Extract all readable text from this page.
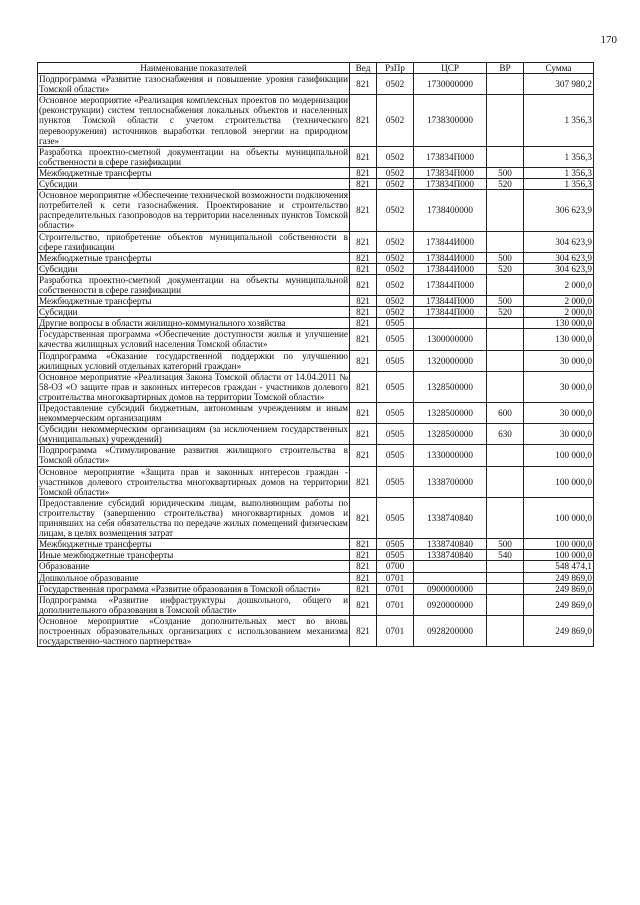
170
Наименование показателей	Вед	РзПр	ЦСР	ВР	Сумма
Подпрограмма «Развитие газоснабжения и повышение уровня газификации Томской области»	821	0502	1730000000		307 980,2
Основное мероприятие «Реализация комплексных проектов по модернизации (реконструкции) систем теплоснабжения локальных объектов и населенных пунктов Томской области с учетом строительства (технического перевооружения) источников выработки тепловой энергии на природном газе»	821	0502	1738300000		1 356,3
Разработка проектно-сметной документации на объекты муниципальной собственности в сфере газификации	821	0502	173834П000		1 356,3
Межбюджетные трансферты	821	0502	173834П000	500	1 356,3
Субсидии	821	0502	173834П000	520	1 356,3
Основное мероприятие «Обеспечение технической возможности подключения потребителей к сети газоснабжения. Проектирование и строительство распределительных газопроводов на территории населенных пунктов Томской области»	821	0502	1738400000		306 623,9
Строительство, приобретение объектов муниципальной собственности в сфере газификации	821	0502	173844И000		304 623,9
Межбюджетные трансферты	821	0502	173844И000	500	304 623,9
Субсидии	821	0502	173844И000	520	304 623,9
Разработка проектно-сметной документации на объекты муниципальной собственности в сфере газификации	821	0502	173844П000		2 000,0
Межбюджетные трансферты	821	0502	173844П000	500	2 000,0
Субсидии	821	0502	173844П000	520	2 000,0
Другие вопросы в области жилищно-коммунального хозяйства	821	0505			130 000,0
Государственная программа «Обеспечение доступности жилья и улучшение качества жилищных условий населения Томской области»	821	0505	1300000000		130 000,0
Подпрограмма «Оказание государственной поддержки по улучшению жилищных условий отдельных категорий граждан»	821	0505	1320000000		30 000,0
Основное мероприятие «Реализация Закона Томской области от 14.04.2011 № 58-ОЗ «О защите прав и законных интересов граждан - участников долевого строительства многоквартирных домов на территории Томской области»	821	0505	1328500000		30 000,0
Предоставление субсидий бюджетным, автономным учреждениям и иным некоммерческим организациям	821	0505	1328500000	600	30 000,0
Субсидии некоммерческим организациям (за исключением государственных (муниципальных) учреждений)	821	0505	1328500000	630	30 000,0
Подпрограмма «Стимулирование развития жилищного строительства в Томской области»	821	0505	1330000000		100 000,0
Основное мероприятие «Защита прав и законных интересов граждан - участников долевого строительства многоквартирных домов на территории Томской области»	821	0505	1338700000		100 000,0
Предоставление субсидий юридическим лицам, выполняющим работы по строительству (завершению строительства) многоквартирных домов и принявших на себя обязательства по передаче жилых помещений физическим лицам, в целях возмещения затрат	821	0505	1338740840		100 000,0
Межбюджетные трансферты	821	0505	1338740840	500	100 000,0
Иные межбюджетные трансферты	821	0505	1338740840	540	100 000,0
Образование	821	0700			548 474,1
Дошкольное образование	821	0701			249 869,0
Государственная программа «Развитие образования в Томской области»	821	0701	0900000000		249 869,0
Подпрограмма «Развитие инфраструктуры дошкольного, общего и дополнительного образования в Томской области»	821	0701	0920000000		249 869,0
Основное мероприятие «Создание дополнительных мест во вновь построенных образовательных организациях с использованием механизма государственно-частного партнерства»	821	0701	0928200000		249 869,0
